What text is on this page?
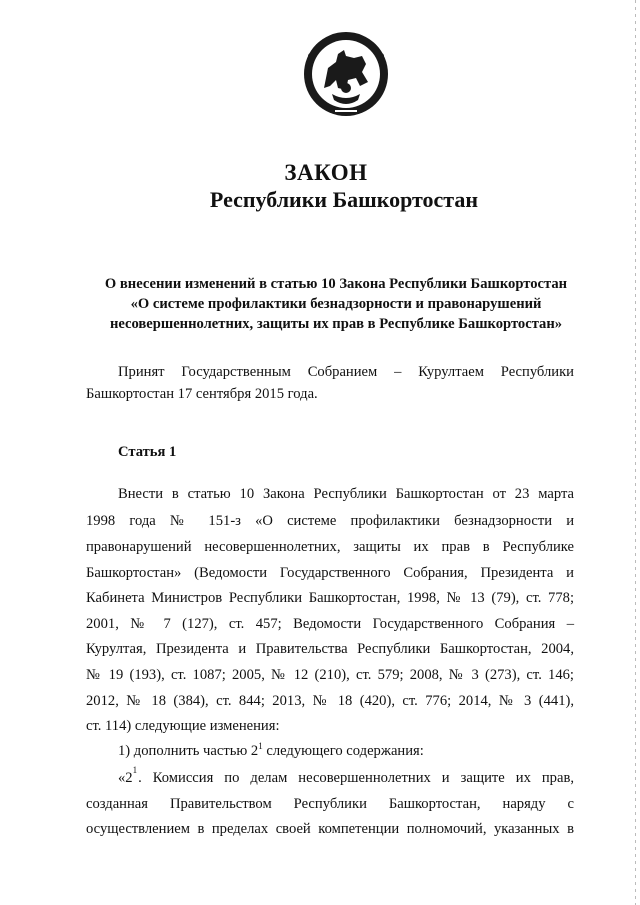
ЗАКОН
Республики Башкортостан
О внесении изменений в статью 10 Закона Республики Башкортостан
«О системе профилактики безнадзорности и правонарушений
несовершеннолетних, защиты их прав в Республике Башкортостан»
Принят Государственным Собранием – Курултаем Республики
Башкортостан 17 сентября 2015 года.
Статья 1
Внести в статью 10 Закона Республики Башкортостан от 23 марта
1998 года № 151-з «О системе профилактики безнадзорности и
правонарушений несовершеннолетних, защиты их прав в Республике
Башкортостан» (Ведомости Государственного Собрания, Президента и
Кабинета Министров Республики Башкортостан, 1998, № 13 (79), ст. 778;
2001, № 7 (127), ст. 457; Ведомости Государственного Собрания –
Курултая, Президента и Правительства Республики Башкортостан, 2004,
№ 19 (193), ст. 1087; 2005, № 12 (210), ст. 579; 2008, № 3 (273), ст. 146;
2012, № 18 (384), ст. 844; 2013, № 18 (420), ст. 776; 2014, № 3 (441),
ст. 114) следующие изменения:
1) дополнить частью $2^1$ следующего содержания:
«2 1 . Комиссия по делам несовершеннолетних и защите их прав,
созданная Правительством Республики Башкортостан, наряду с
осуществлением в пределах своей компетенции полномочий, указанных в
